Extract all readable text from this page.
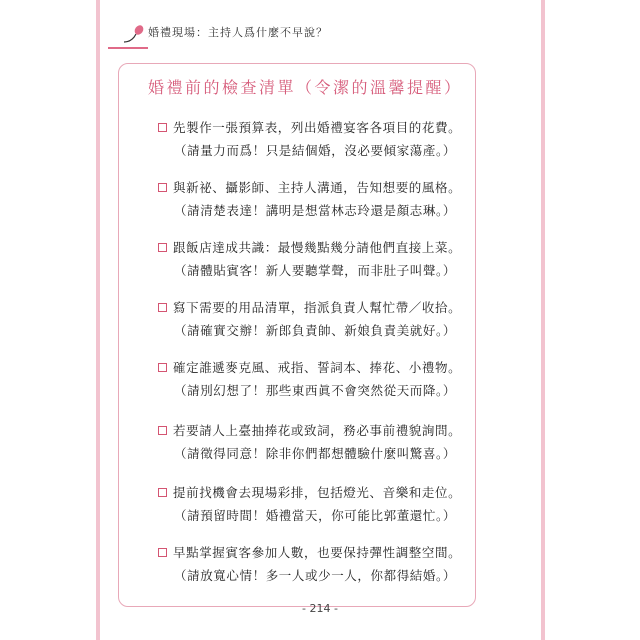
婚禮現場：主持人爲什麼不早說？
婚禮前的檢查清單（令潔的溫馨提醒）
先製作一張預算表，列出婚禮宴客各項目的花費。
（請量力而爲！只是結個婚，沒必要傾家蕩產。）
與新祕、攝影師、主持人溝通，告知想要的風格。
（請清楚表達！講明是想當林志玲還是顏志琳。）
跟飯店達成共識：最慢幾點幾分請他們直接上菜。
（請體貼賓客！新人要聽掌聲，而非肚子叫聲。）
寫下需要的用品清單，指派負責人幫忙帶／收拾。
（請確實交辦！新郎負責帥、新娘負責美就好。）
確定誰遞麥克風、戒指、誓詞本、捧花、小禮物。
（請別幻想了！那些東西眞不會突然從天而降。）
若要請人上臺抽捧花或致詞，務必事前禮貌詢問。
（請徵得同意！除非你們都想體驗什麼叫驚喜。）
提前找機會去現場彩排，包括燈光、音樂和走位。
（請預留時間！婚禮當天，你可能比郭董還忙。）
早點掌握賓客參加人數，也要保持彈性調整空間。
（請放寬心情！多一人或少一人，你都得結婚。）
- 214 -
